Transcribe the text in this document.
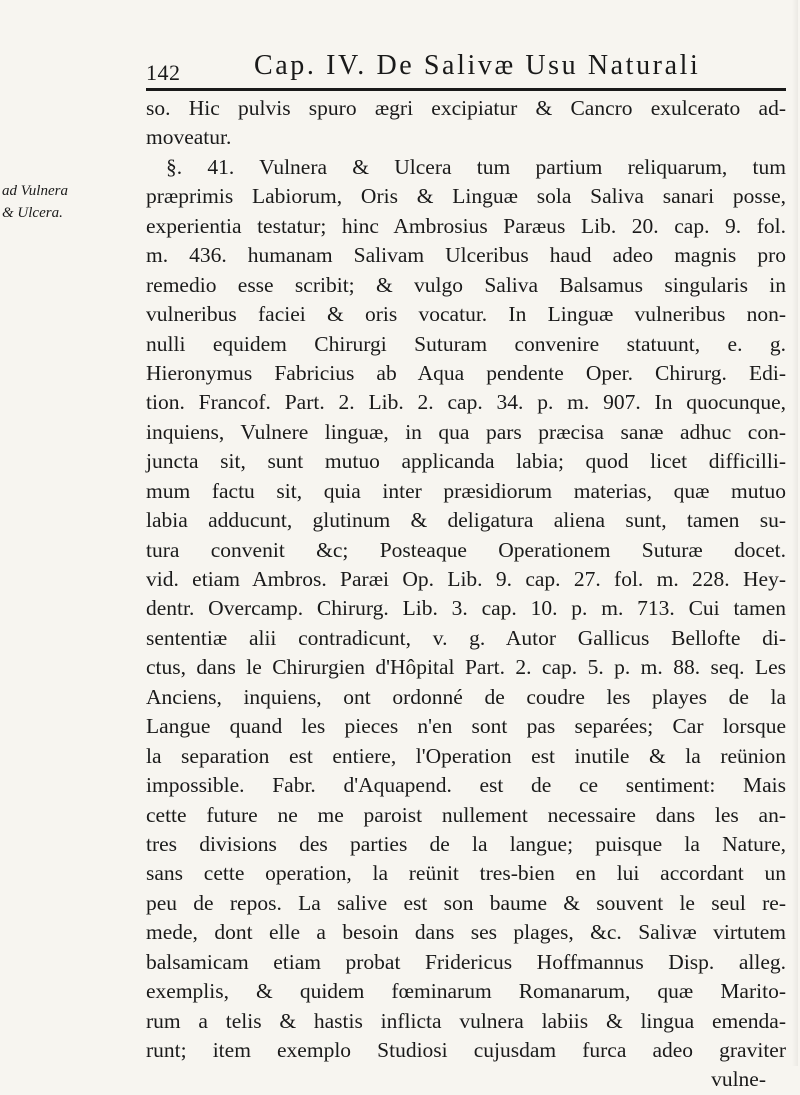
142	Cap. IV. De Salivæ Usu Naturali
ad Vulnera
& Ulcera.
so. Hic pulvis spuro ægri excipiatur & Cancro exulcerato ad-
moveatur.
§. 41. Vulnera & Ulcera tum partium reliquarum, tum
præprimis Labiorum, Oris & Linguæ sola Saliva sanari posse,
experientia testatur; hinc Ambrosius Paræus Lib. 20. cap. 9. fol.
m. 436. humanam Salivam Ulceribus haud adeo magnis pro
remedio esse scribit; & vulgo Saliva Balsamus singularis in
vulneribus faciei & oris vocatur. In Linguæ vulneribus non-
nulli equidem Chirurgi Suturam convenire statuunt, e. g.
Hieronymus Fabricius ab Aqua pendente Oper. Chirurg. Edi-
tion. Francof. Part. 2. Lib. 2. cap. 34. p. m. 907. In quocunque,
inquiens, Vulnere linguæ, in qua pars præcisa sanæ adhuc con-
juncta sit, sunt mutuo applicanda labia; quod licet difficilli-
mum factu sit, quia inter præsidiorum materias, quæ mutuo
labia adducunt, glutinum & deligatura aliena sunt, tamen su-
tura convenit &c; Posteaque Operationem Suturæ docet.
vid. etiam Ambros. Paræi Op. Lib. 9. cap. 27. fol. m. 228. Hey-
dentr. Overcamp. Chirurg. Lib. 3. cap. 10. p. m. 713. Cui tamen
sententiæ alii contradicunt, v. g. Autor Gallicus Bellofte di-
ctus, dans le Chirurgien d'Hôpital Part. 2. cap. 5. p. m. 88. seq. Les
Anciens, inquiens, ont ordonné de coudre les playes de la
Langue quand les pieces n'en sont pas separées; Car lorsque
la separation est entiere, l'Operation est inutile & la reünion
impossible. Fabr. d'Aquapend. est de ce sentiment: Mais
cette future ne me paroist nullement necessaire dans les an-
tres divisions des parties de la langue; puisque la Nature,
sans cette operation, la reünit tres-bien en lui accordant un
peu de repos. La salive est son baume & souvent le seul re-
mede, dont elle a besoin dans ses plages, &c. Salivæ virtutem
balsamicam etiam probat Fridericus Hoffmannus Disp. alleg.
exemplis, & quidem fœminarum Romanarum, quæ Marito-
rum a telis & hastis inflicta vulnera labiis & lingua emenda-
runt; item exemplo Studiosi cujusdam furca adeo graviter
vulne-
